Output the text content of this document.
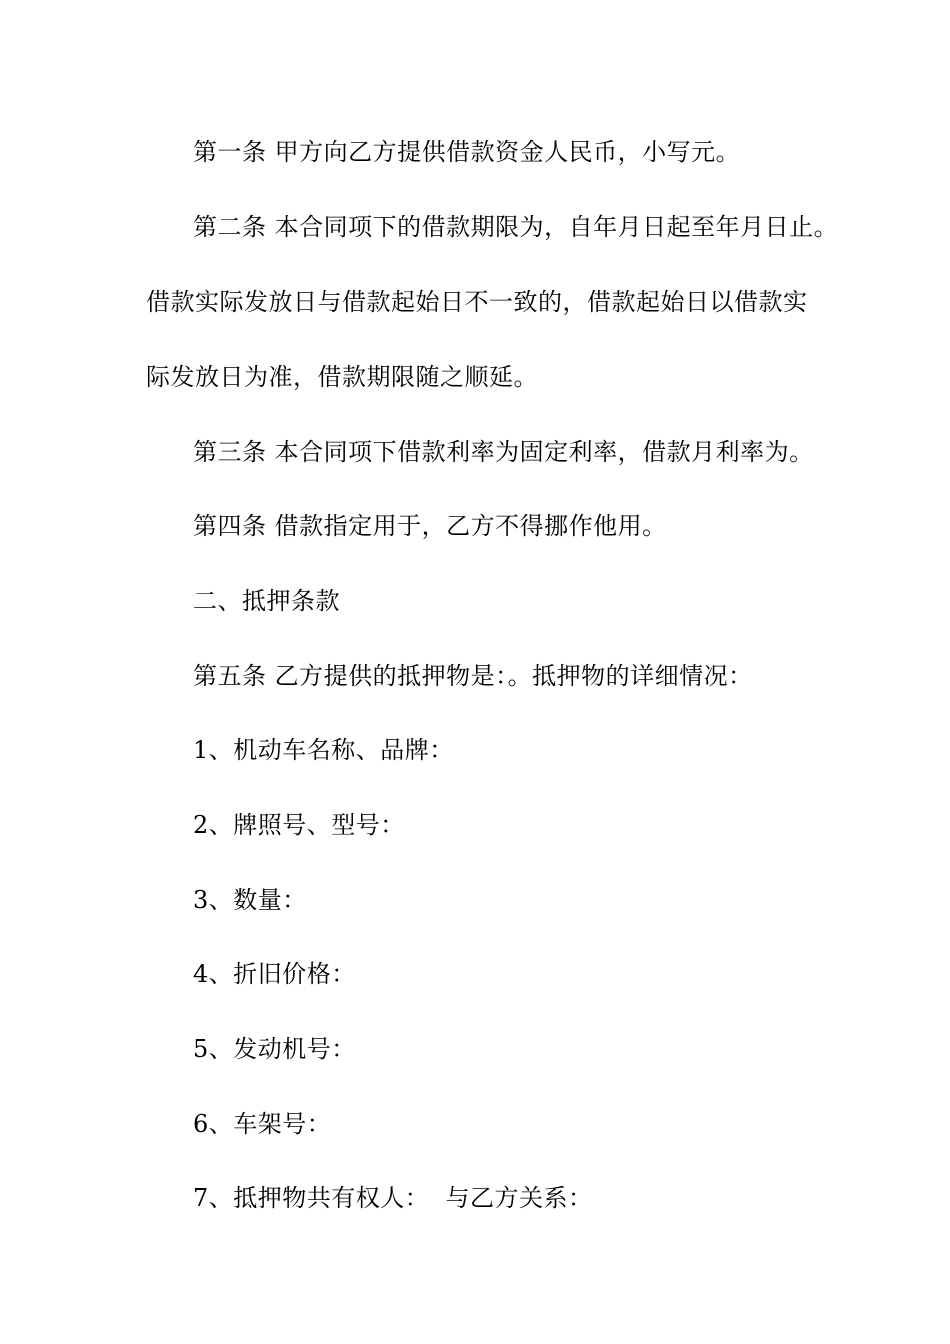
第一条 甲方向乙方提供借款资金人民币，小写元。
第二条 本合同项下的借款期限为，自年月日起至年月日止。
借款实际发放日与借款起始日不一致的，借款起始日以借款实
际发放日为准，借款期限随之顺延。
第三条 本合同项下借款利率为固定利率，借款月利率为。
第四条 借款指定用于，乙方不得挪作他用。
二、抵押条款
第五条 乙方提供的抵押物是：。抵押物的详细情况：
1、机动车名称、品牌：
2、牌照号、型号：
3、数量：
4、折旧价格：
5、发动机号：
6、车架号：
7、抵押物共有权人：  与乙方关系：
